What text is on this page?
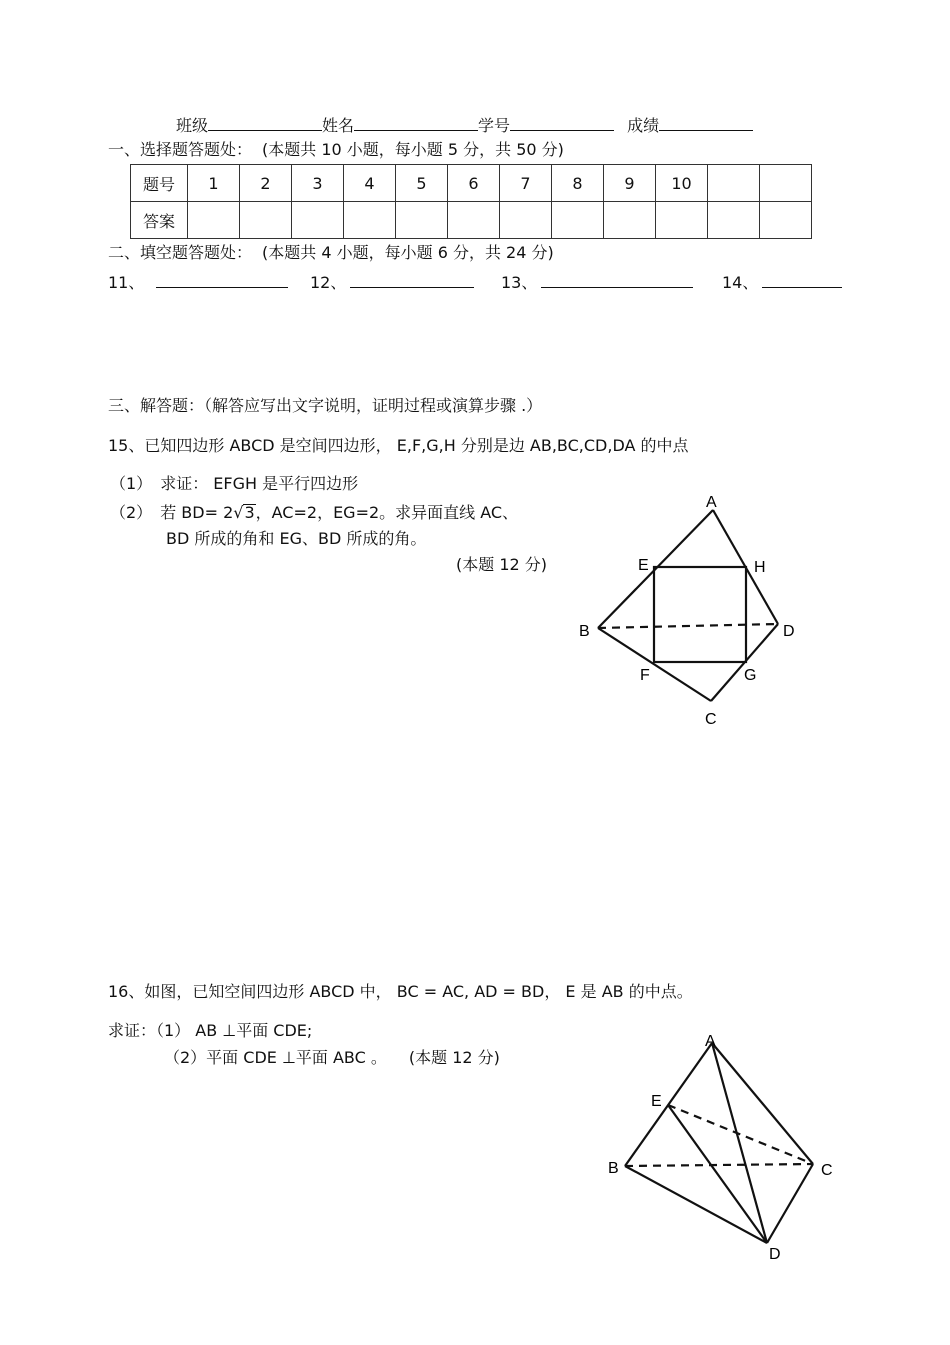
班级	姓名	学号	成绩
一、选择题答题处： (本题共 10 小题，每小题 5 分，共 50 分)
题号	1	2	3	4	5	6	7	8	9	10		
答案												
二、填空题答题处： (本题共 4 小题，每小题 6 分，共 24 分)
11、	12、	13、	14、
三、解答题：（解答应写出文字说明，证明过程或演算步骤 .）
15、已知四边形 ABCD 是空间四边形， E,F,G,H 分别是边 AB,BC,CD,DA 的中点
（1） 求证： EFGH 是平行四边形
（2） 若 BD= 2√3，AC=2，EG=2。求异面直线 AC、
BD 所成的角和 EG、BD 所成的角。
(本题 12 分)
A
E	H
B	D
F	G
C
16、如图，已知空间四边形 ABCD 中， BC = AC, AD = BD， E 是 AB 的中点。
求证：（1） AB ⊥平面 CDE;
（2）平面 CDE ⊥平面 ABC 。 (本题 12 分)
A
E
B	C
D
